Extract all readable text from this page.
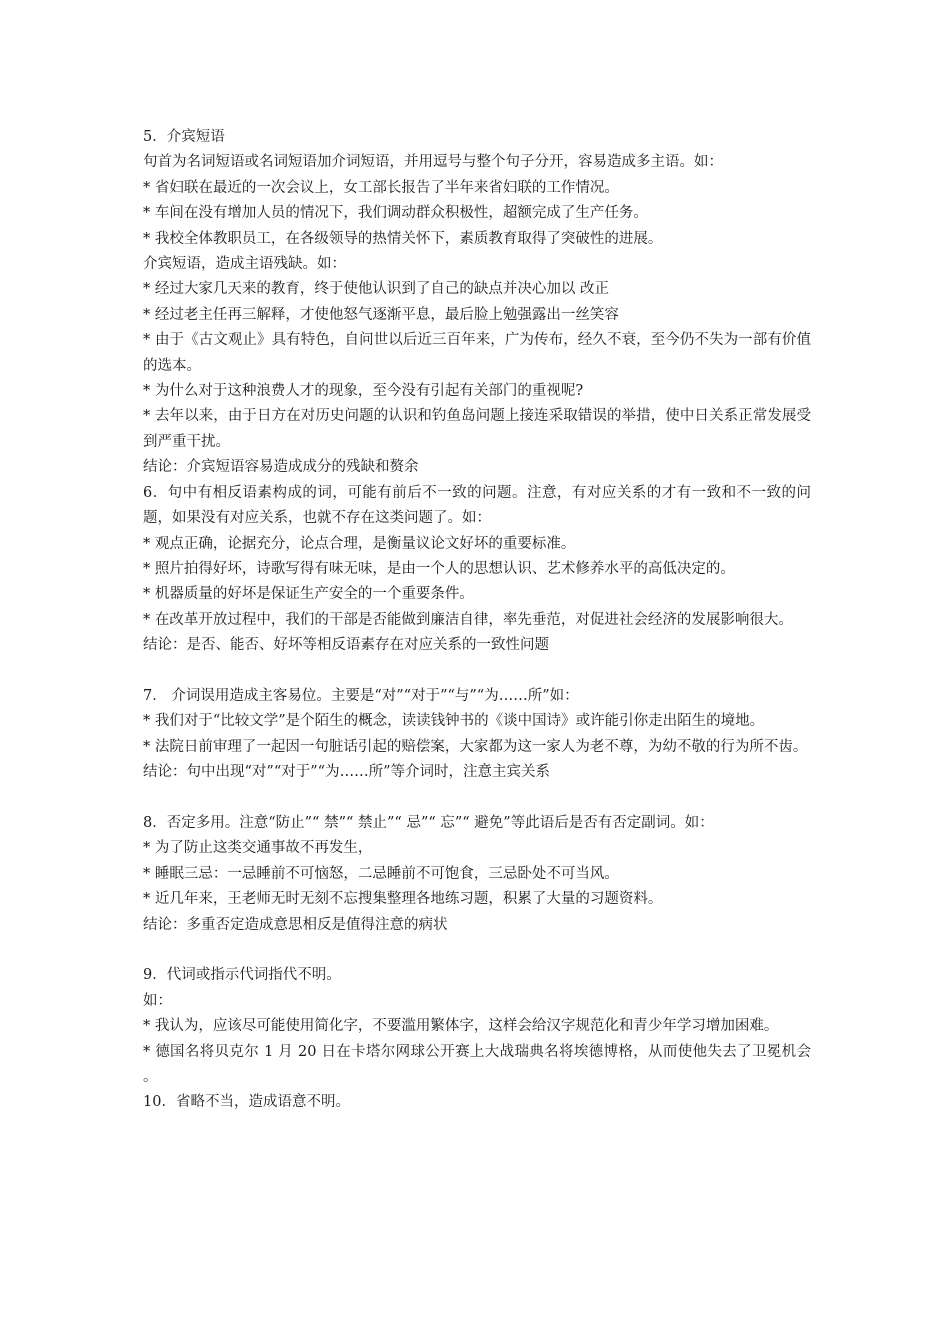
5．介宾短语
句首为名词短语或名词短语加介词短语，并用逗号与整个句子分开，容易造成多主语。如：
* 省妇联在最近的一次会议上，女工部长报告了半年来省妇联的工作情况。
* 车间在没有增加人员的情况下，我们调动群众积极性，超额完成了生产任务。
* 我校全体教职员工，在各级领导的热情关怀下，素质教育取得了突破性的进展。
介宾短语，造成主语残缺。如：
* 经过大家几天来的教育，终于使他认识到了自己的缺点并决心加以 改正
* 经过老主任再三解释，才使他怒气逐渐平息，最后脸上勉强露出一丝笑容
* 由于《古文观止》具有特色，自问世以后近三百年来，广为传布，经久不衰，至今仍不失为一部有价值的选本。
* 为什么对于这种浪费人才的现象，至今没有引起有关部门的重视呢?
* 去年以来，由于日方在对历史问题的认识和钓鱼岛问题上接连采取错误的举措，使中日关系正常发展受到严重干扰。
结论：介宾短语容易造成成分的残缺和赘余
6．句中有相反语素构成的词，可能有前后不一致的问题。注意，有对应关系的才有一致和不一致的问题，如果没有对应关系，也就不存在这类问题了。如：
* 观点正确，论据充分，论点合理，是衡量议论文好坏的重要标准。
* 照片拍得好坏，诗歌写得有味无味，是由一个人的思想认识、艺术修养水平的高低决定的。
* 机器质量的好坏是保证生产安全的一个重要条件。
* 在改革开放过程中，我们的干部是否能做到廉洁自律，率先垂范，对促进社会经济的发展影响很大。
结论：是否、能否、好坏等相反语素存在对应关系的一致性问题
7． 介词误用造成主客易位。主要是“对”“对于”“与”“为……所”如：
* 我们对于“比较文学”是个陌生的概念，读读钱钟书的《谈中国诗》或许能引你走出陌生的境地。
* 法院日前审理了一起因一句脏话引起的赔偿案，大家都为这一家人为老不尊，为幼不敬的行为所不齿。
结论：句中出现“对”“对于”“为……所”等介词时，注意主宾关系
8．否定多用。注意“防止”“ 禁”“ 禁止”“ 忌”“ 忘”“ 避免”等此语后是否有否定副词。如：
* 为了防止这类交通事故不再发生，
* 睡眠三忌：一忌睡前不可恼怒，二忌睡前不可饱食，三忌卧处不可当风。
* 近几年来，王老师无时无刻不忘搜集整理各地练习题，积累了大量的习题资料。
结论：多重否定造成意思相反是值得注意的病状
9．代词或指示代词指代不明。
如：
* 我认为，应该尽可能使用简化字，不要滥用繁体字，这样会给汉字规范化和青少年学习增加困难。
* 德国名将贝克尔 1 月 20 日在卡塔尔网球公开赛上大战瑞典名将埃德博格，从而使他失去了卫冕机会 。
10．省略不当，造成语意不明。
